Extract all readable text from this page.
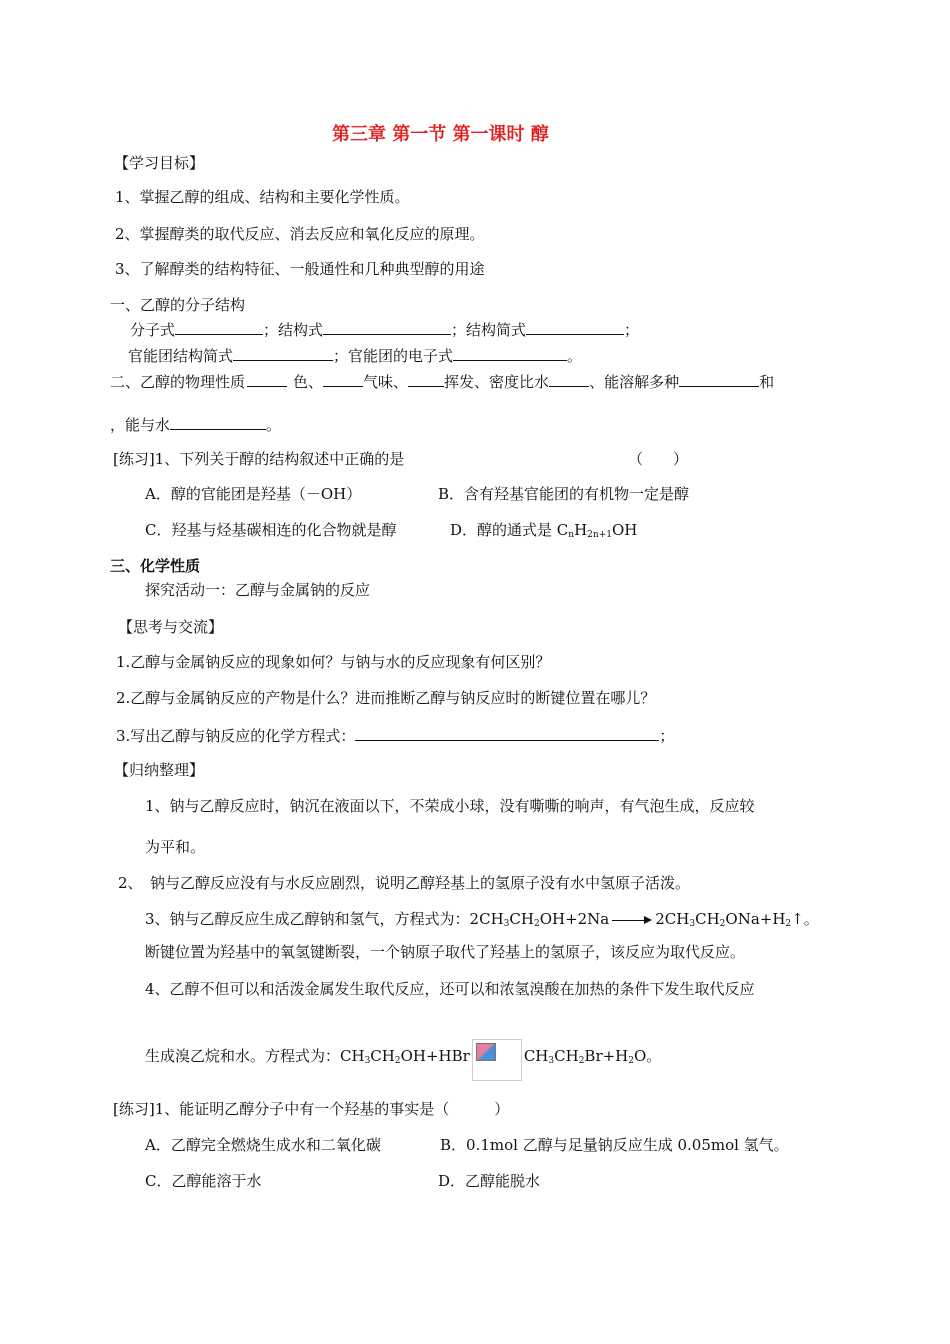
第三章 第一节 第一课时 醇
【学习目标】
1、掌握乙醇的组成、结构和主要化学性质。
2、掌握醇类的取代反应、消去反应和氧化反应的原理。
3、了解醇类的结构特征、一般通性和几种典型醇的用途
一、乙醇的分子结构
分子式	；结构式	；结构简式	；
官能团结构简式	；官能团的电子式	。
二、乙醇的物理性质	色、	气味、 挥发、密度比水	、能溶解多种	和
，能与水	。
[练习]1、下列关于醇的结构叙述中正确的是	（　　）
A．醇的官能团是羟基（－OH）	B．含有羟基官能团的有机物一定是醇
C．羟基与烃基碳相连的化合物就是醇	D．醇的通式是 $C_nH_{2n+1}OH$
三、化学性质
探究活动一：乙醇与金属钠的反应
【思考与交流】
1.乙醇与金属钠反应的现象如何？与钠与水的反应现象有何区别？
2.乙醇与金属钠反应的产物是什么？进而推断乙醇与钠反应时的断键位置在哪儿？
3.写出乙醇与钠反应的化学方程式：	；
【归纳整理】
1、钠与乙醇反应时，钠沉在液面以下，不荣成小球，没有嘶嘶的响声，有气泡生成，反应较
为平和。
2、　钠与乙醇反应没有与水反应剧烈，说明乙醇羟基上的氢原子没有水中氢原子活泼。
3、钠与乙醇反应生成乙醇钠和氢气，方程式为：$2CH_3CH_2OH+2Na$	$2CH_3CH_2ONa+H_2↑$。
断键位置为羟基中的氧氢键断裂，一个钠原子取代了羟基上的氢原子，该反应为取代反应。
4、乙醇不但可以和活泼金属发生取代反应，还可以和浓氢溴酸在加热的条件下发生取代反应
生成溴乙烷和水。方程式为：$CH_3CH_2OH+HBr$	$CH_3CH_2Br+H_2O$。
[练习]1、能证明乙醇分子中有一个羟基的事实是（　　　）
A．乙醇完全燃烧生成水和二氧化碳	B．0.1mol 乙醇与足量钠反应生成 0.05mol 氢气。
C．乙醇能溶于水	D．乙醇能脱水
